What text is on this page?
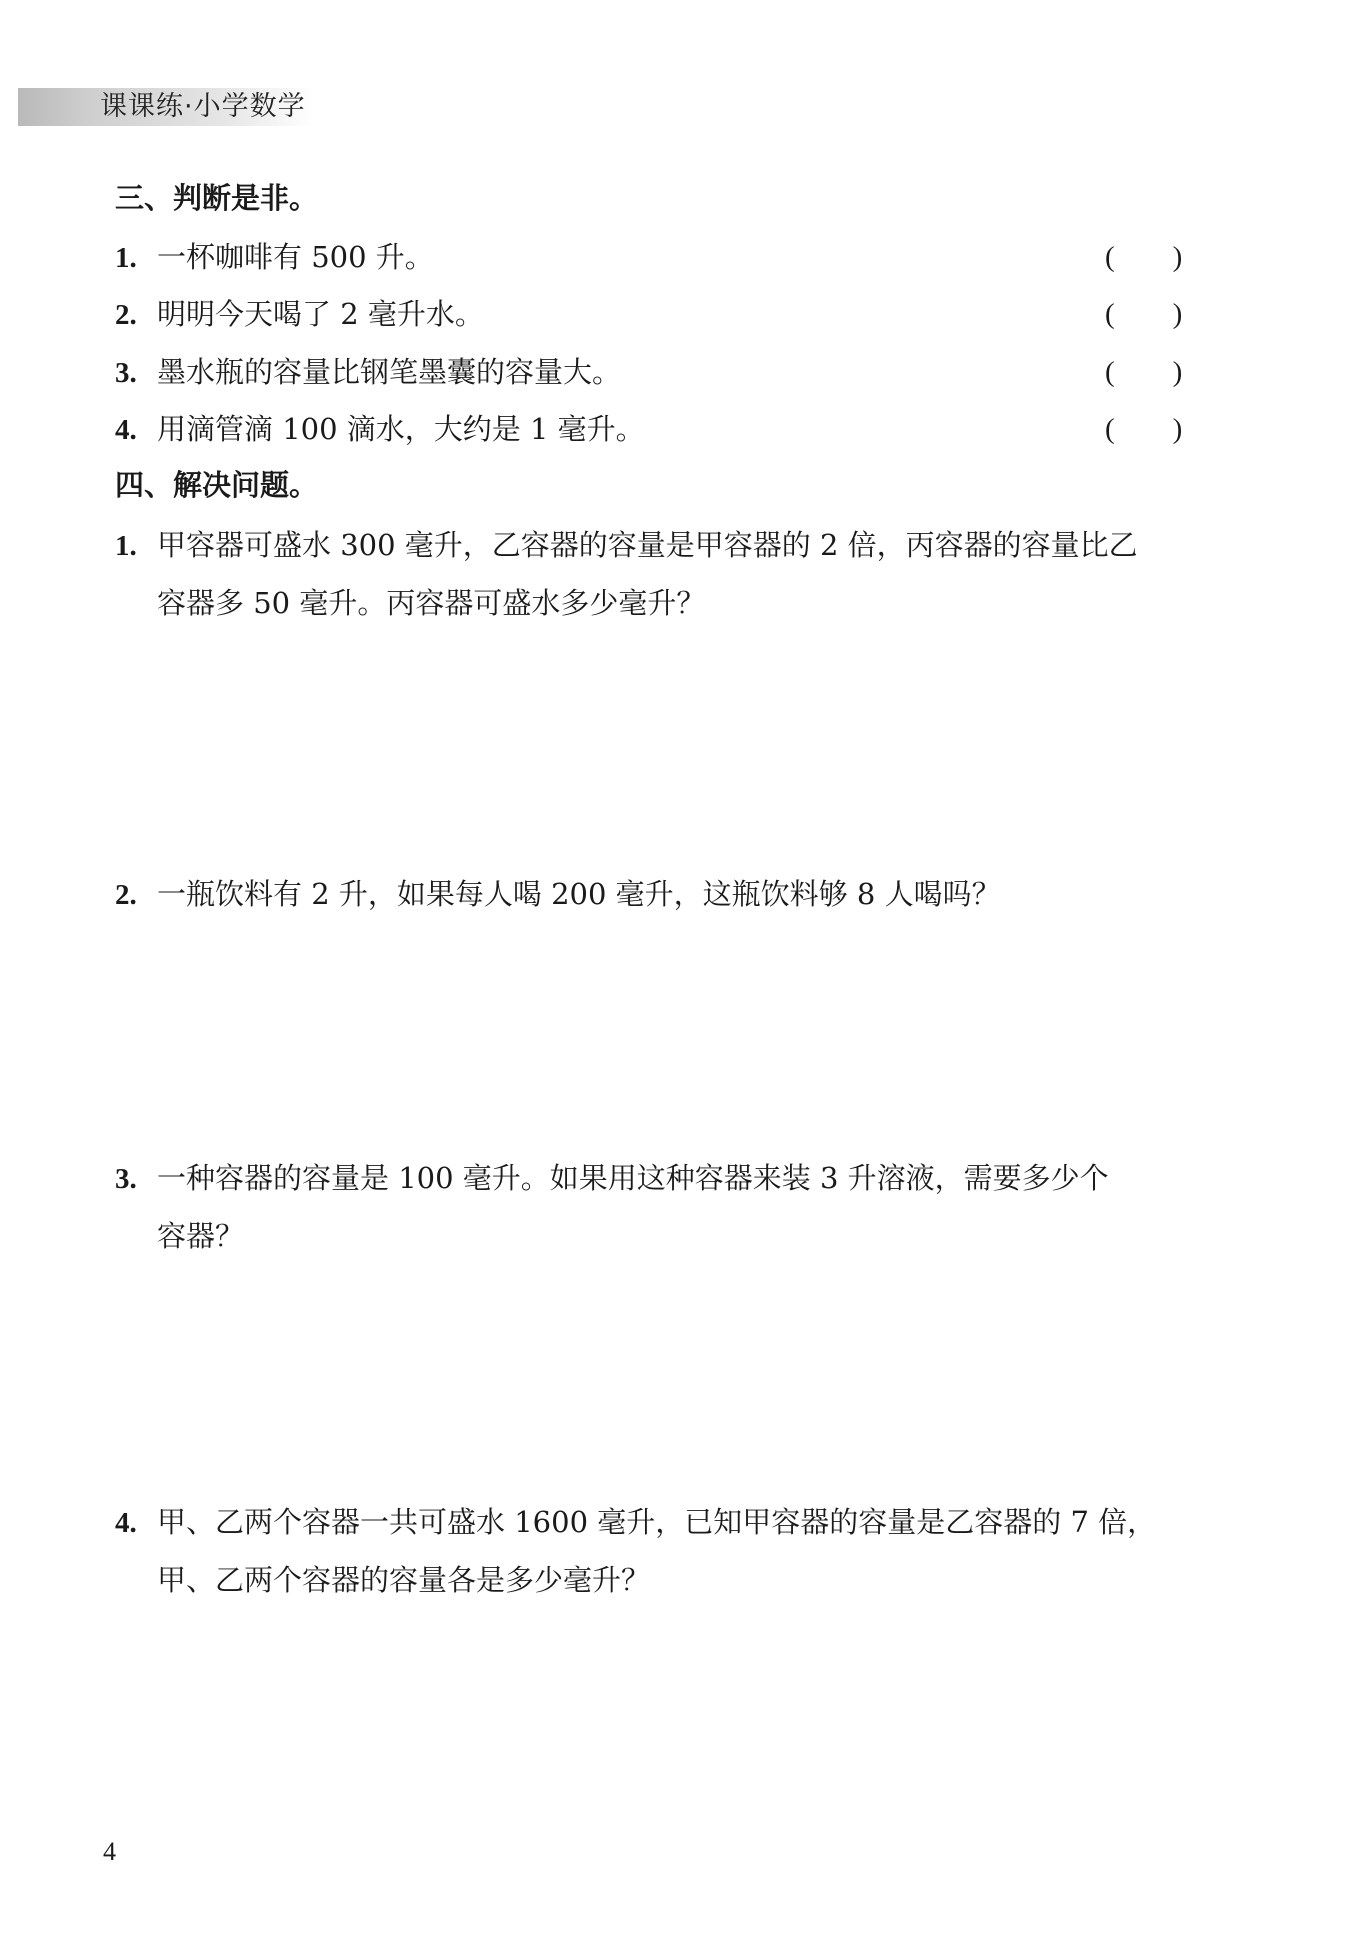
课课练·小学数学
三、判断是非。
1. 一杯咖啡有 500 升。	(　　)
2. 明明今天喝了 2 毫升水。	(　　)
3. 墨水瓶的容量比钢笔墨囊的容量大。	(　　)
4. 用滴管滴 100 滴水，大约是 1 毫升。	(　　)
四、解决问题。
1. 甲容器可盛水 300 毫升，乙容器的容量是甲容器的 2 倍，丙容器的容量比乙
容器多 50 毫升。丙容器可盛水多少毫升？
2. 一瓶饮料有 2 升，如果每人喝 200 毫升，这瓶饮料够 8 人喝吗？
3. 一种容器的容量是 100 毫升。如果用这种容器来装 3 升溶液，需要多少个
容器？
4. 甲、乙两个容器一共可盛水 1600 毫升，已知甲容器的容量是乙容器的 7 倍，
甲、乙两个容器的容量各是多少毫升？
4
